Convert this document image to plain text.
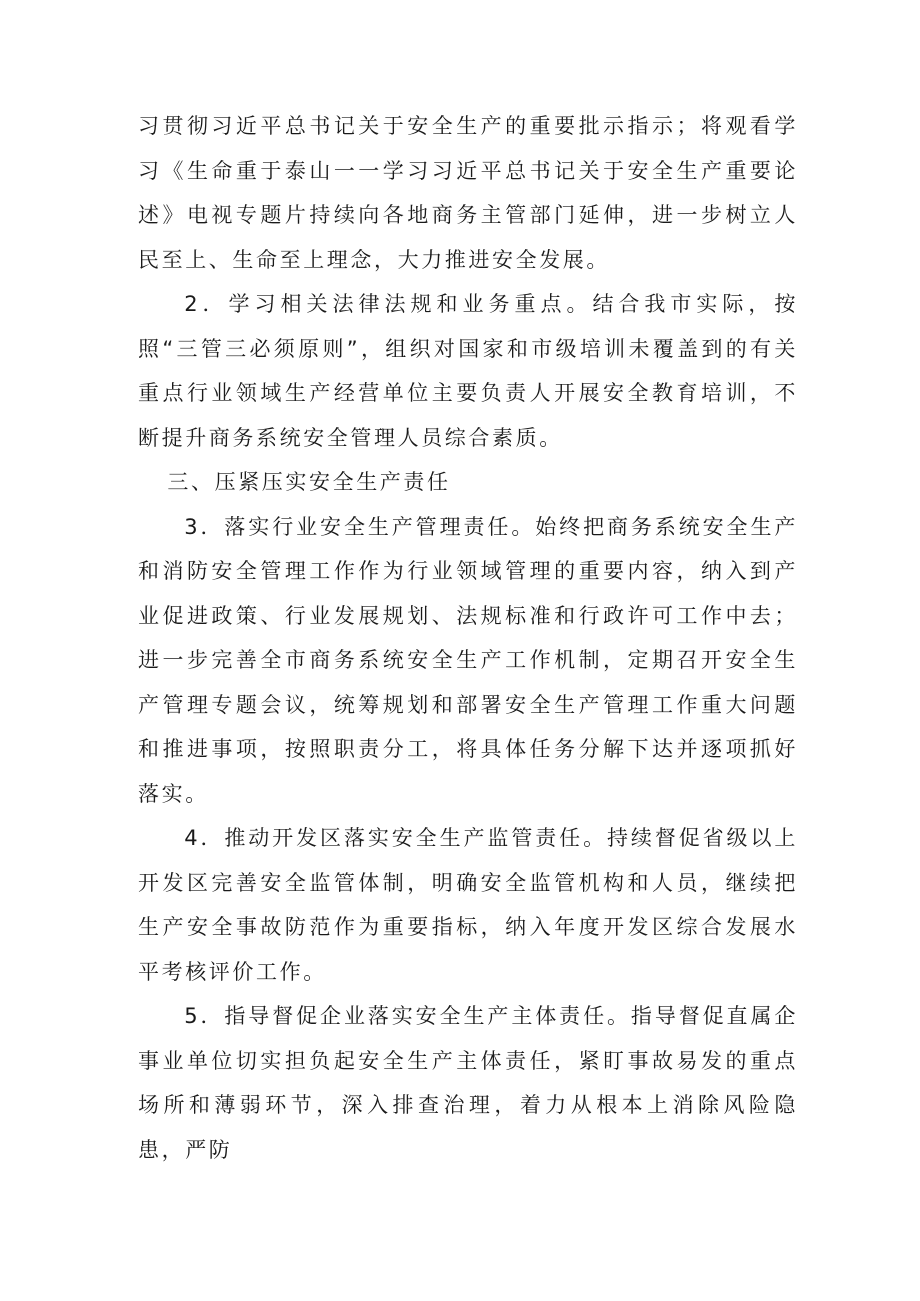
习贯彻习近平总书记关于安全生产的重要批示指示；将观看学习《生命重于泰山一一学习习近平总书记关于安全生产重要论述》电视专题片持续向各地商务主管部门延伸，进一步树立人民至上、生命至上理念，大力推进安全发展。

2．学习相关法律法规和业务重点。结合我市实际，按照“三管三必须原则”，组织对国家和市级培训未覆盖到的有关重点行业领域生产经营单位主要负责人开展安全教育培训，不断提升商务系统安全管理人员综合素质。

三、压紧压实安全生产责任

3．落实行业安全生产管理责任。始终把商务系统安全生产和消防安全管理工作作为行业领域管理的重要内容，纳入到产业促进政策、行业发展规划、法规标准和行政许可工作中去；进一步完善全市商务系统安全生产工作机制，定期召开安全生产管理专题会议，统筹规划和部署安全生产管理工作重大问题和推进事项，按照职责分工，将具体任务分解下达并逐项抓好落实。

4．推动开发区落实安全生产监管责任。持续督促省级以上开发区完善安全监管体制，明确安全监管机构和人员，继续把生产安全事故防范作为重要指标，纳入年度开发区综合发展水平考核评价工作。

5．指导督促企业落实安全生产主体责任。指导督促直属企事业单位切实担负起安全生产主体责任，紧盯事故易发的重点场所和薄弱环节，深入排查治理，着力从根本上消除风险隐患，严防
